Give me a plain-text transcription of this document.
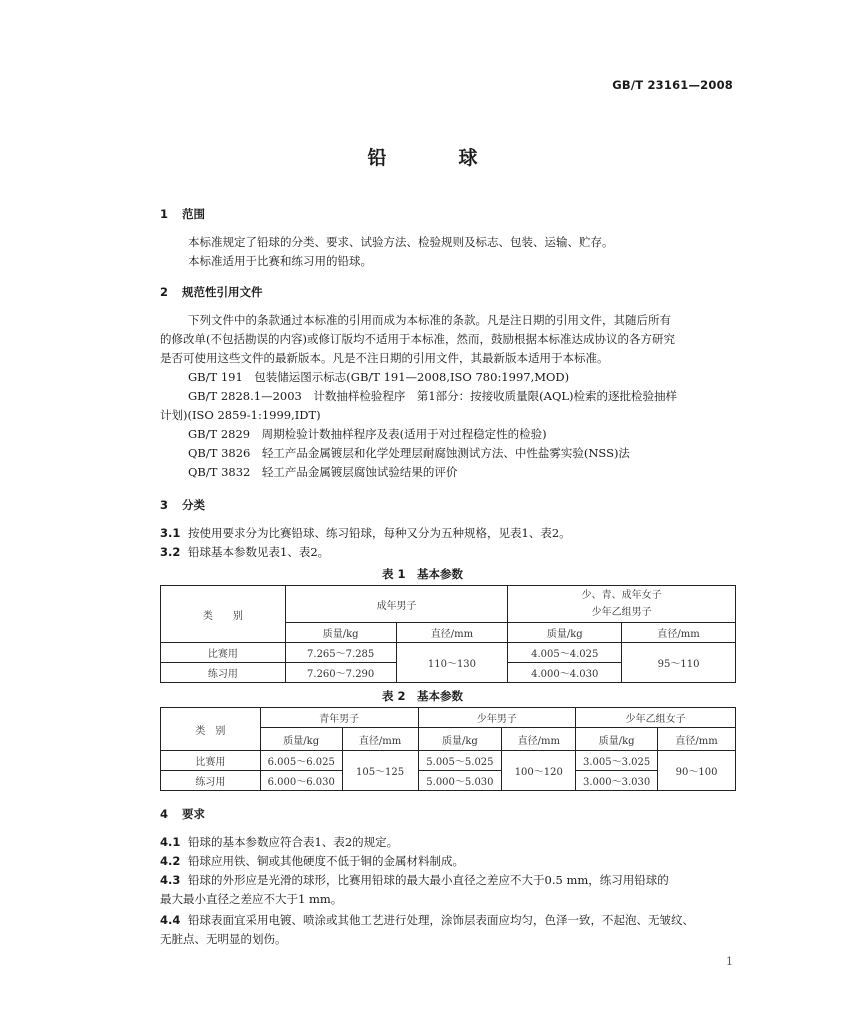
GB/T 23161—2008
铅	球
1 范围
本标准规定了铅球的分类、要求、试验方法、检验规则及标志、包装、运输、贮存。
本标准适用于比赛和练习用的铅球。
2 规范性引用文件
下列文件中的条款通过本标准的引用而成为本标准的条款。凡是注日期的引用文件，其随后所有
的修改单(不包括勘误的内容)或修订版均不适用于本标准，然而，鼓励根据本标准达成协议的各方研究
是否可使用这些文件的最新版本。凡是不注日期的引用文件，其最新版本适用于本标准。
GB/T 191　包装储运图示标志(GB/T 191—2008,ISO 780:1997,MOD)
GB/T 2828.1—2003　计数抽样检验程序　第1部分：按接收质量限(AQL)检索的逐批检验抽样
计划)(ISO 2859-1:1999,IDT)
GB/T 2829　周期检验计数抽样程序及表(适用于对过程稳定性的检验)
QB/T 3826　轻工产品金属镀层和化学处理层耐腐蚀测试方法、中性盐雾实验(NSS)法
QB/T 3832　轻工产品金属镀层腐蚀试验结果的评价
3 分类
3.1 按使用要求分为比赛铅球、练习铅球，每种又分为五种规格，见表1、表2。
3.2 铅球基本参数见表1、表2。
表 1　基本参数
类　　别	成年男子		少、青、成年女子
少年乙组男子	

	质量/kg	直径/mm	质量/kg	直径/mm
比赛用	7.265～7.285	110～130	4.005～4.025	95～110
练习用	7.260～7.290		4.000～4.030	
表 2　基本参数
类　别	青年男子		少年男子		少年乙组女子	
	质量/kg	直径/mm	质量/kg	直径/mm	质量/kg	直径/mm
比赛用	6.005～6.025	105～125	5.005～5.025	100～120	3.005～3.025	90～100
练习用	6.000～6.030		5.000～5.030		3.000～3.030	
4 要求
4.1 铅球的基本参数应符合表1、表2的规定。
4.2 铅球应用铁、铜或其他硬度不低于铜的金属材料制成。
4.3 铅球的外形应是光滑的球形，比赛用铅球的最大最小直径之差应不大于0.5 mm，练习用铅球的
最大最小直径之差应不大于1 mm。
4.4 铅球表面宜采用电镀、喷涂或其他工艺进行处理，涂饰层表面应均匀，色泽一致，不起泡、无皱纹、
无脏点、无明显的划伤。
1
